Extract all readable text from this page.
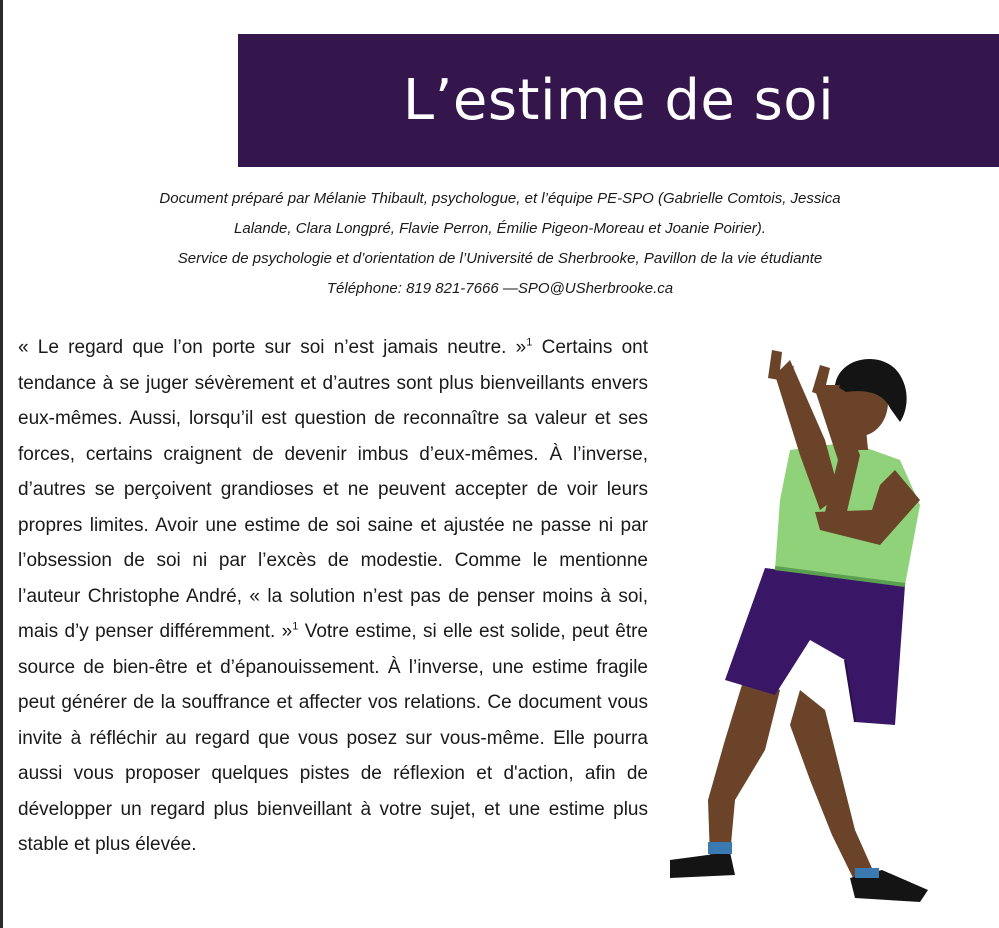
L’estime de soi

Document préparé par Mélanie Thibault, psychologue, et l’équipe PE-SPO (Gabrielle Comtois, Jessica

Lalande, Clara Longpré, Flavie Perron, Émilie Pigeon-Moreau et Joanie Poirier).

Service de psychologie et d’orientation de l’Université de Sherbrooke, Pavillon de la vie étudiante

Téléphone: 819 821-7666 —SPO@USherbrooke.ca

« Le regard que l’on porte sur soi n’est jamais neutre. »$^1$ Certains ont tendance à se juger sévèrement et d’autres sont plus bienveillants envers eux-mêmes. Aussi, lorsqu’il est question de reconnaître sa valeur et ses forces, certains craignent de devenir imbus d’eux-mêmes. À l’inverse, d’autres se perçoivent grandioses et ne peuvent accepter de voir leurs propres limites. Avoir une estime de soi saine et ajustée ne passe ni par l’obsession de soi ni par l’excès de modestie. Comme le mentionne l’auteur Christophe André, « la solution n’est pas de penser moins à soi, mais d’y penser différemment. »$^1$ Votre estime, si elle est solide, peut être source de bien-être et d’épanouissement. À l’inverse, une estime fragile peut générer de la souffrance et affecter vos relations. Ce document vous invite à réfléchir au regard que vous posez sur vous-même. Elle pourra aussi vous proposer quelques pistes de réflexion et d'action, afin de développer un regard plus bienveillant à votre sujet, et une estime plus stable et plus élevée.
